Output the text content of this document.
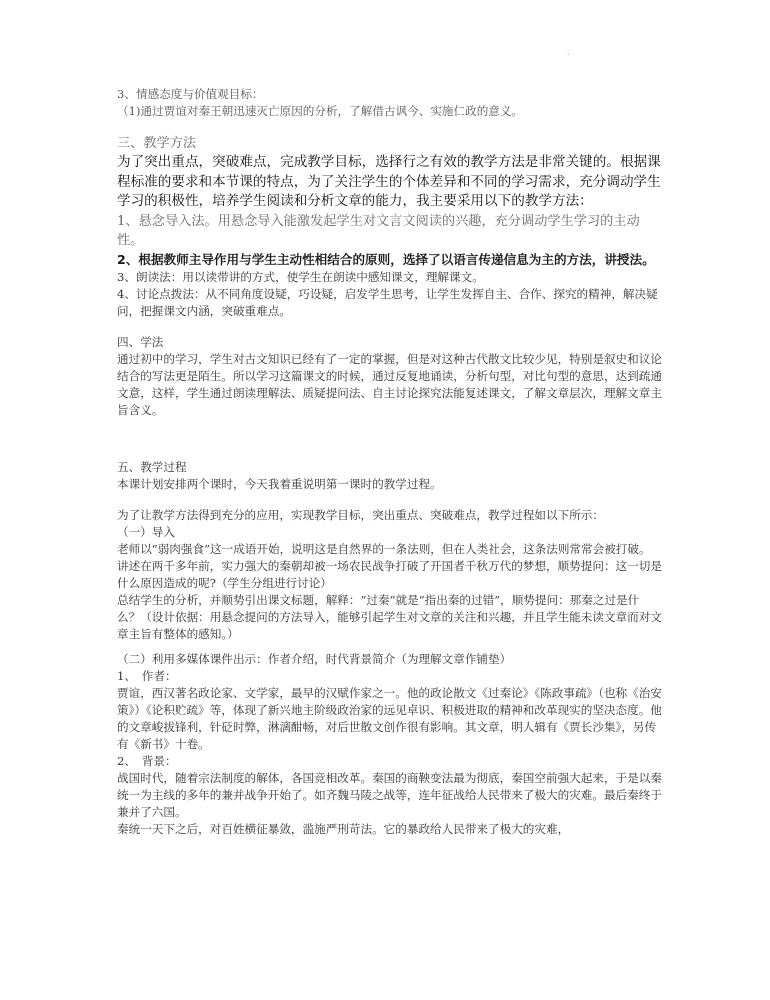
.

3、情感态度与价值观目标：

（1)通过贾谊对秦王朝迅速灭亡原因的分析，了解借古讽今、实施仁政的意义。

三、教学方法

为了突出重点，突破难点，完成教学目标，选择行之有效的教学方法是非常关键的。根据课程标准的要求和本节课的特点，为了关注学生的个体差异和不同的学习需求，充分调动学生学习的积极性，培养学生阅读和分析文章的能力，我主要采用以下的教学方法：

1、悬念导入法。用悬念导入能激发起学生对文言文阅读的兴趣，充分调动学生学习的主动性。

2、根据教师主导作用与学生主动性相结合的原则，选择了以语言传递信息为主的方法，讲授法。

3、朗读法：用以读带讲的方式，使学生在朗读中感知课文，理解课文。

4、讨论点拨法：从不同角度设疑，巧设疑，启发学生思考，让学生发挥自主、合作、探究的精神，解决疑问，把握课文内涵，突破重难点。

四、学法

通过初中的学习，学生对古文知识已经有了一定的掌握，但是对这种古代散文比较少见，特别是叙史和议论结合的写法更是陌生。所以学习这篇课文的时候，通过反复地诵读，分析句型，对比句型的意思，达到疏通文意，这样，学生通过朗读理解法、质疑提问法、自主讨论探究法能复述课文，了解文章层次，理解文章主旨含义。

五、教学过程

本课计划安排两个课时，今天我着重说明第一课时的教学过程。

为了让教学方法得到充分的应用，实现教学目标，突出重点、突破难点，教学过程如以下所示：

（一）导入

老师以“弱肉强食”这一成语开始，说明这是自然界的一条法则，但在人类社会，这条法则常常会被打破。讲述在两千多年前，实力强大的秦朝却被一场农民战争打破了开国者千秋万代的梦想，顺势提问：这一切是什么原因造成的呢?（学生分组进行讨论）

总结学生的分析，并顺势引出课文标题，解释：“过秦”就是“指出秦的过错”，顺势提问：那秦之过是什么？（设计依据：用悬念提问的方法导入，能够引起学生对文章的关注和兴趣，并且学生能未读文章而对文章主旨有整体的感知。）

（二）利用多媒体课件出示：作者介绍，时代背景简介（为理解文章作铺垫）

1、　作者：

贾谊，西汉著名政论家、文学家，最早的汉赋作家之一。他的政论散文《过秦论》《陈政事疏》（也称《治安策》）《论积贮疏》等，体现了新兴地主阶级政治家的远见卓识、积极进取的精神和改革现实的坚决态度。他的文章峻拔锋利，针砭时弊，淋漓酣畅，对后世散文创作很有影响。其文章，明人辑有《贾长沙集》，另传有《新书》十卷。

2、　背景：

战国时代，随着宗法制度的解体，各国竞相改革。秦国的商鞅变法最为彻底，秦国空前强大起来，于是以秦统一为主线的多年的兼并战争开始了。如齐魏马陵之战等，连年征战给人民带来了极大的灾难。最后秦终于兼并了六国。

秦统一天下之后，对百姓横征暴敛，滥施严刑苛法。它的暴政给人民带来了极大的灾难，
